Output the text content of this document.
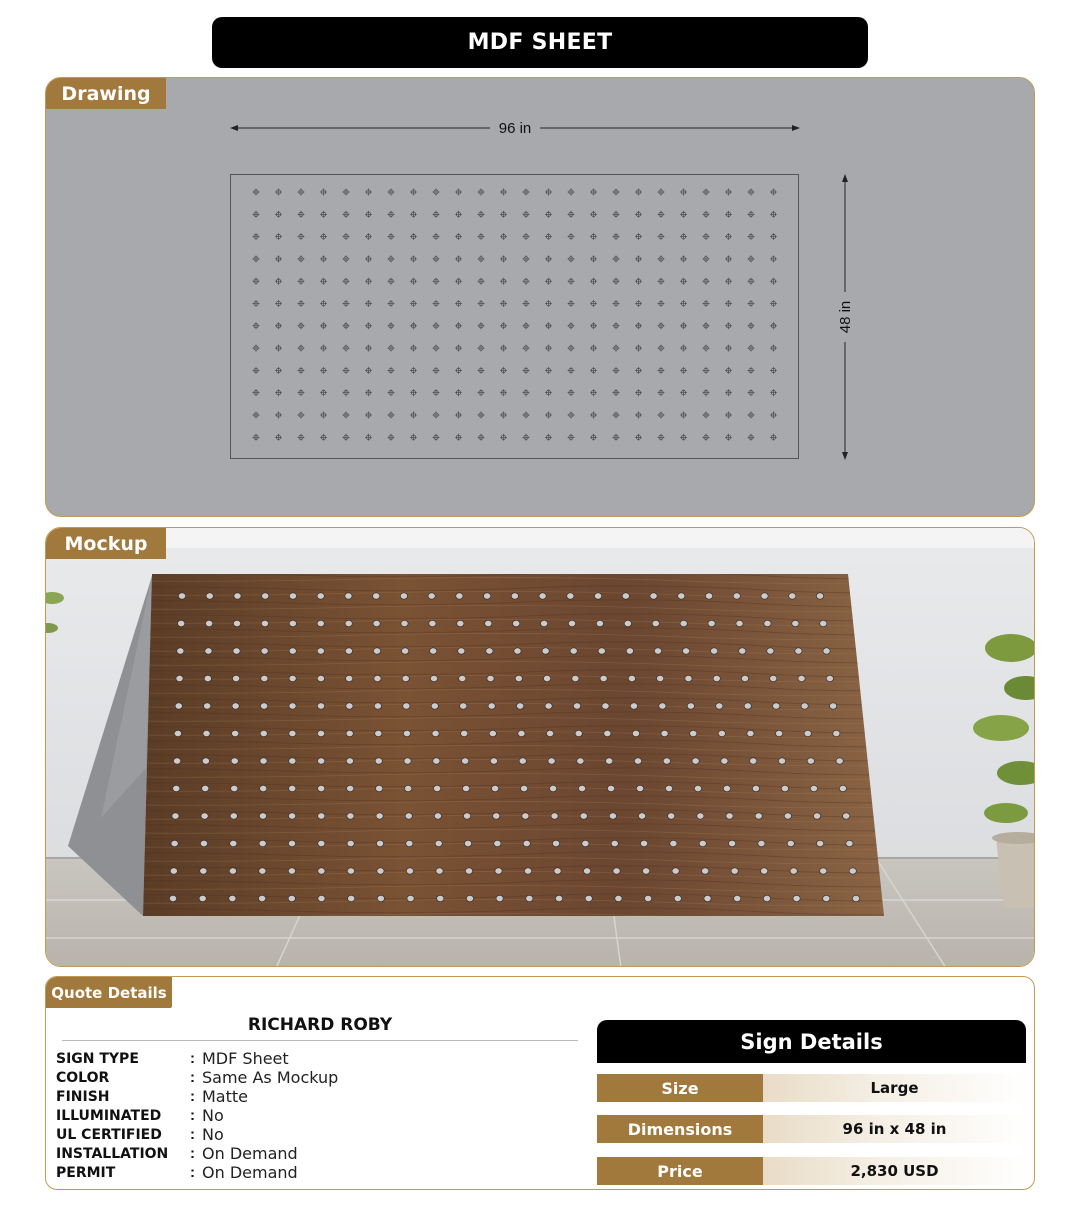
MDF SHEET
Drawing
96 in
48 in
Mockup
Quote Details
RICHARD ROBY
SIGN TYPE	: MDF Sheet
COLOR	: Same As Mockup
FINISH	: Matte
ILLUMINATED	: No
UL CERTIFIED	: No
INSTALLATION	: On Demand
PERMIT	: On Demand
Sign Details
Size	Large
Dimensions	96 in x 48 in
Price	2,830 USD
